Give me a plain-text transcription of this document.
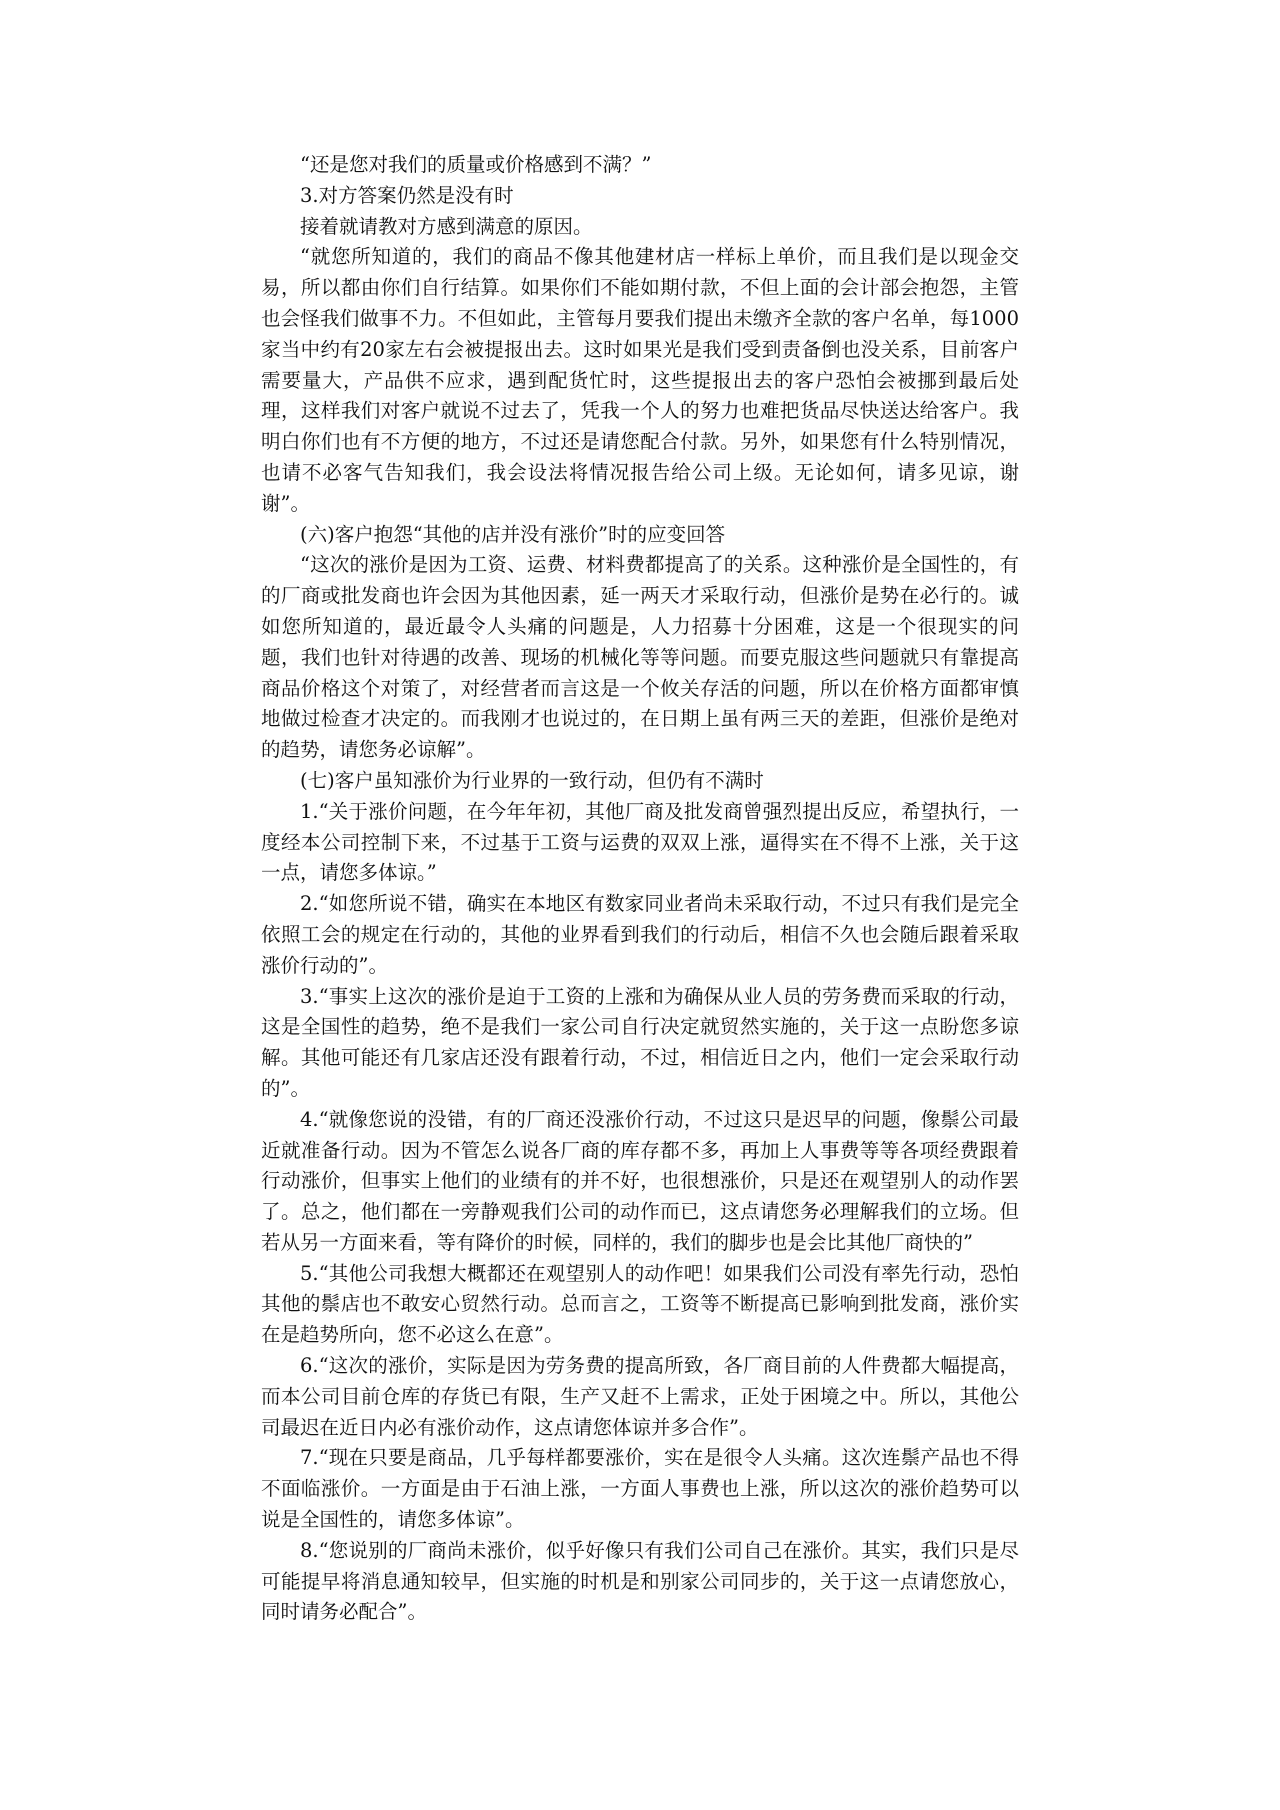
“还是您对我们的质量或价格感到不满？”

3.对方答案仍然是没有时

接着就请教对方感到满意的原因。

“就您所知道的，我们的商品不像其他建材店一样标上单价，而且我们是以现金交易，所以都由你们自行结算。如果你们不能如期付款，不但上面的会计部会抱怨，主管也会怪我们做事不力。不但如此，主管每月要我们提出未缴齐全款的客户名单，每1000家当中约有20家左右会被提报出去。这时如果光是我们受到责备倒也没关系，目前客户需要量大，产品供不应求，遇到配货忙时，这些提报出去的客户恐怕会被挪到最后处理，这样我们对客户就说不过去了，凭我一个人的努力也难把货品尽快送达给客户。我明白你们也有不方便的地方，不过还是请您配合付款。另外，如果您有什么特别情况，也请不必客气告知我们，我会设法将情况报告给公司上级。无论如何，请多见谅，谢谢”。

(六)客户抱怨“其他的店并没有涨价”时的应变回答

“这次的涨价是因为工资、运费、材料费都提高了的关系。这种涨价是全国性的，有的厂商或批发商也许会因为其他因素，延一两天才采取行动，但涨价是势在必行的。诚如您所知道的，最近最令人头痛的问题是，人力招募十分困难，这是一个很现实的问题，我们也针对待遇的改善、现场的机械化等等问题。而要克服这些问题就只有靠提高商品价格这个对策了，对经营者而言这是一个攸关存活的问题，所以在价格方面都审慎地做过检查才决定的。而我刚才也说过的，在日期上虽有两三天的差距，但涨价是绝对的趋势，请您务必谅解”。

(七)客户虽知涨价为行业界的一致行动，但仍有不满时

1.“关于涨价问题，在今年年初，其他厂商及批发商曾强烈提出反应，希望执行，一度经本公司控制下来，不过基于工资与运费的双双上涨，逼得实在不得不上涨，关于这一点，请您多体谅。”

2.“如您所说不错，确实在本地区有数家同业者尚未采取行动，不过只有我们是完全依照工会的规定在行动的，其他的业界看到我们的行动后，相信不久也会随后跟着采取涨价行动的”。

3.“事实上这次的涨价是迫于工资的上涨和为确保从业人员的劳务费而采取的行动，这是全国性的趋势，绝不是我们一家公司自行决定就贸然实施的，关于这一点盼您多谅解。其他可能还有几家店还没有跟着行动，不过，相信近日之内，他们一定会采取行动的”。

4.“就像您说的没错，有的厂商还没涨价行动，不过这只是迟早的问题，像鬃公司最近就准备行动。因为不管怎么说各厂商的库存都不多，再加上人事费等等各项经费跟着行动涨价，但事实上他们的业绩有的并不好，也很想涨价，只是还在观望别人的动作罢了。总之，他们都在一旁静观我们公司的动作而已，这点请您务必理解我们的立场。但若从另一方面来看，等有降价的时候，同样的，我们的脚步也是会比其他厂商快的”

5.“其他公司我想大概都还在观望别人的动作吧！如果我们公司没有率先行动，恐怕其他的鬃店也不敢安心贸然行动。总而言之，工资等不断提高已影响到批发商，涨价实在是趋势所向，您不必这么在意”。

6.“这次的涨价，实际是因为劳务费的提高所致，各厂商目前的人件费都大幅提高，而本公司目前仓库的存货已有限，生产又赶不上需求，正处于困境之中。所以，其他公司最迟在近日内必有涨价动作，这点请您体谅并多合作”。

7.“现在只要是商品，几乎每样都要涨价，实在是很令人头痛。这次连鬃产品也不得不面临涨价。一方面是由于石油上涨，一方面人事费也上涨，所以这次的涨价趋势可以说是全国性的，请您多体谅”。

8.“您说别的厂商尚未涨价，似乎好像只有我们公司自己在涨价。其实，我们只是尽可能提早将消息通知较早，但实施的时机是和别家公司同步的，关于这一点请您放心，同时请务必配合”。
